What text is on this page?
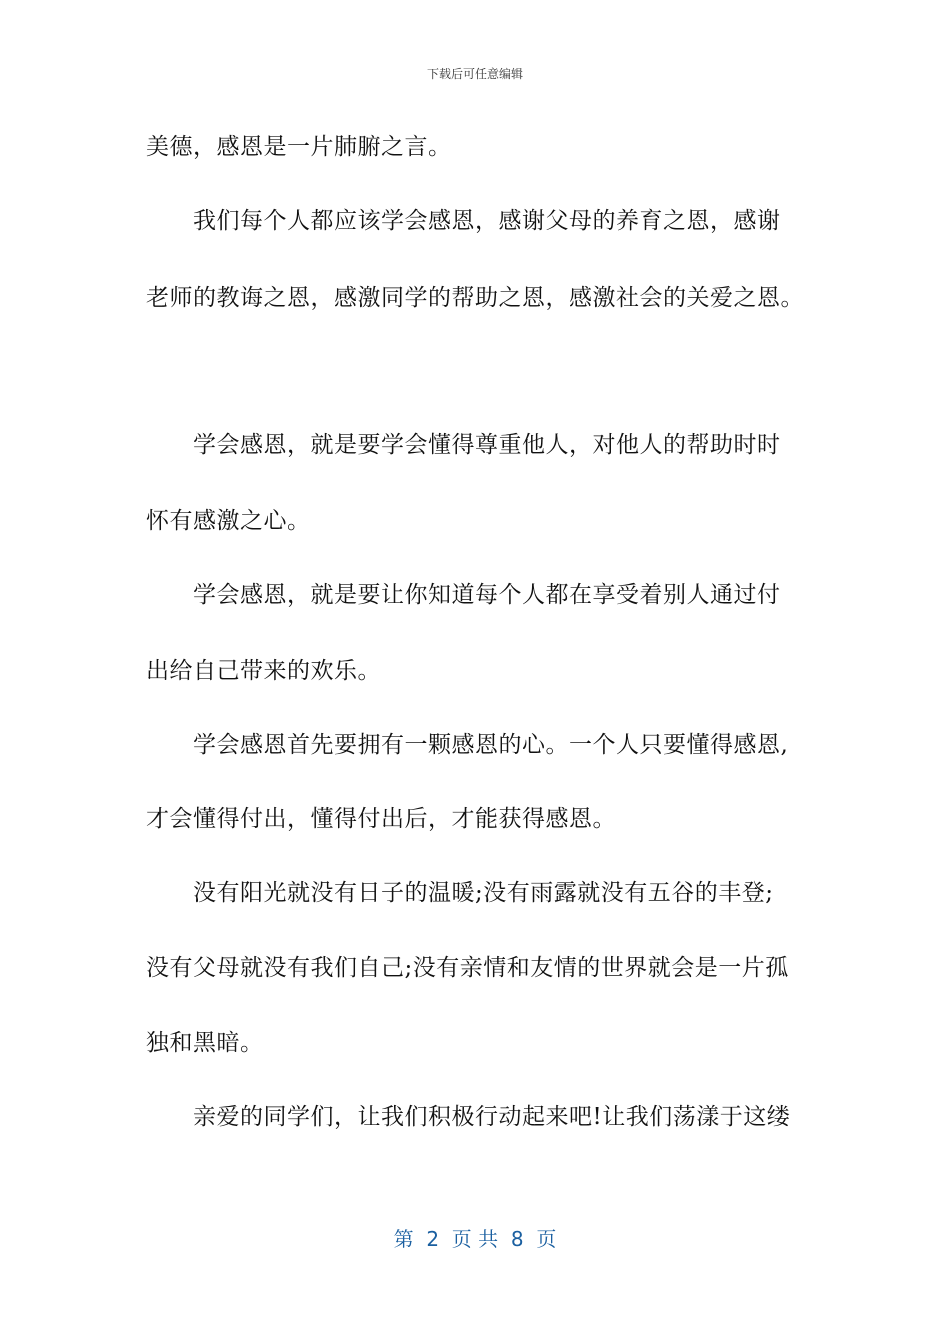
下载后可任意编辑
美德，感恩是一片肺腑之言。
我们每个人都应该学会感恩，感谢父母的养育之恩，感谢
老师的教诲之恩，感激同学的帮助之恩，感激社会的关爱之恩。
学会感恩，就是要学会懂得尊重他人，对他人的帮助时时
怀有感激之心。
学会感恩，就是要让你知道每个人都在享受着别人通过付
出给自己带来的欢乐。
学会感恩首先要拥有一颗感恩的心。一个人只要懂得感恩,
才会懂得付出，懂得付出后，才能获得感恩。
没有阳光就没有日子的温暖;没有雨露就没有五谷的丰登;
没有父母就没有我们自己;没有亲情和友情的世界就会是一片孤
独和黑暗。
亲爱的同学们，让我们积极行动起来吧!让我们荡漾于这缕
第  2  页 共  8  页
